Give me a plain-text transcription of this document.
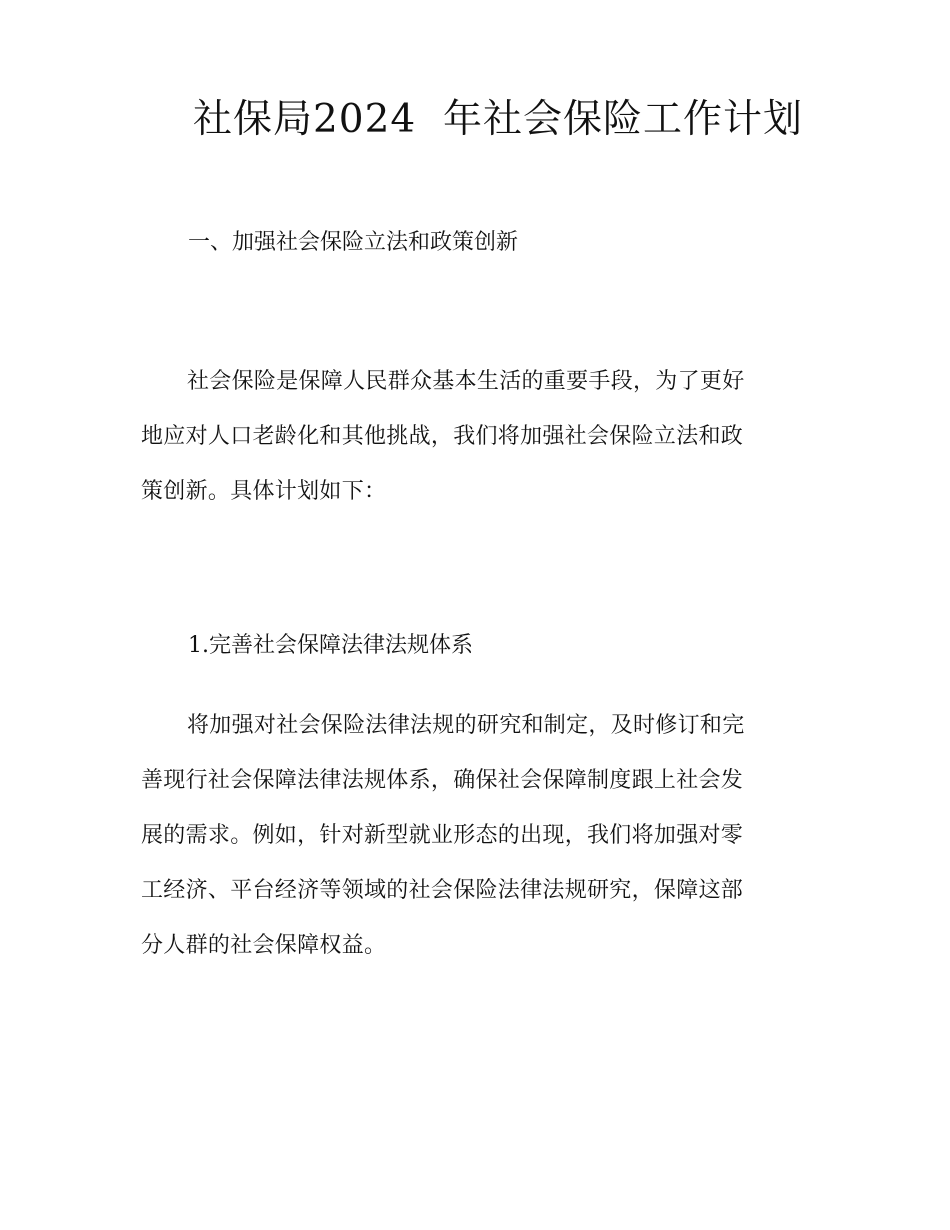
社保局2024  年社会保险工作计划
一、加强社会保险立法和政策创新

社会保险是保障人民群众基本生活的重要手段，为了更好
地应对人口老龄化和其他挑战，我们将加强社会保险立法和政
策创新。具体计划如下：

1.完善社会保障法律法规体系

将加强对社会保险法律法规的研究和制定，及时修订和完
善现行社会保障法律法规体系，确保社会保障制度跟上社会发
展的需求。例如，针对新型就业形态的出现，我们将加强对零
工经济、平台经济等领域的社会保险法律法规研究，保障这部
分人群的社会保障权益。
